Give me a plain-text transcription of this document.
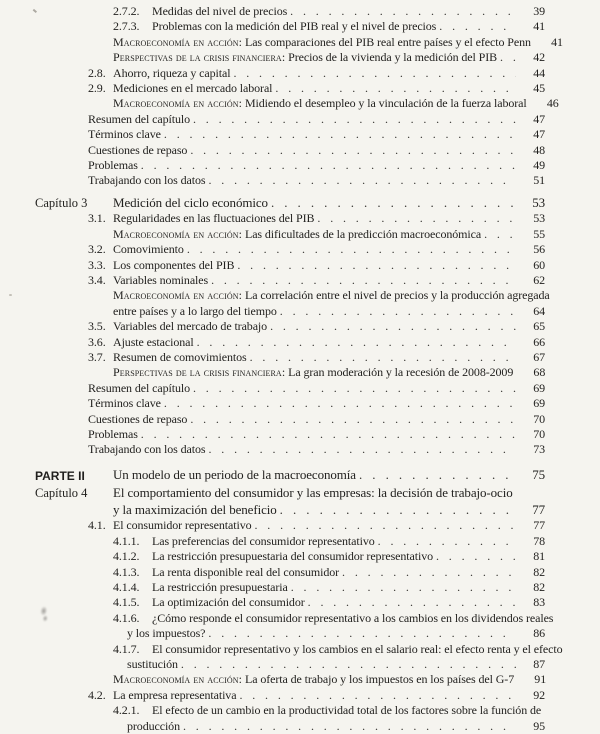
2.7.2.	Medidas del nivel de precios . . .	39
2.7.3.	Problemas con la medición del PIB real y el nivel de precios . . .	41
Macroeconomía en acción: Las comparaciones del PIB real entre países y el efecto Penn	41
Perspectivas de la crisis financiera: Precios de la vivienda y la medición del PIB . . .	42
2.8. Ahorro, riqueza y capital . . .	44
2.9. Mediciones en el mercado laboral . . .	45
Macroeconomía en acción: Midiendo el desempleo y la vinculación de la fuerza laboral	46
Resumen del capítulo . . .	47
Términos clave . . .	47
Cuestiones de repaso . . .	48
Problemas . . .	49
Trabajando con los datos . . .	51
Capítulo 3 Medición del ciclo económico . . .	53
3.1. Regularidades en las fluctuaciones del PIB . . .	53
Macroeconomía en acción: Las dificultades de la predicción macroeconómica . . .	55
3.2. Comovimiento . . .	56
3.3. Los componentes del PIB . . .	60
3.4. Variables nominales . . .	62
Macroeconomía en acción: La correlación entre el nivel de precios y la producción agregada
entre países y a lo largo del tiempo . . .	64
3.5. Variables del mercado de trabajo . . .	65
3.6. Ajuste estacional . . .	66
3.7. Resumen de comovimientos . . .	67
Perspectivas de la crisis financiera: La gran moderación y la recesión de 2008-2009	68
Resumen del capítulo . . .	69
Términos clave . . .	69
Cuestiones de repaso . . .	70
Problemas . . .	70
Trabajando con los datos . . .	73
PARTE II Un modelo de un periodo de la macroeconomía . . .	75
Capítulo 4 El comportamiento del consumidor y las empresas: la decisión de trabajo-ocio
y la maximización del beneficio . . .	77
4.1. El consumidor representativo . . .	77
4.1.1.	Las preferencias del consumidor representativo . . .	78
4.1.2.	La restricción presupuestaria del consumidor representativo . . .	81
4.1.3.	La renta disponible real del consumidor . . .	82
4.1.4.	La restricción presupuestaria . . .	82
4.1.5.	La optimización del consumidor . . .	83
4.1.6.	¿Cómo responde el consumidor representativo a los cambios en los dividendos reales
y los impuestos? . . .	86
4.1.7.	El consumidor representativo y los cambios en el salario real: el efecto renta y el efecto
sustitución . . .	87
Macroeconomía en acción: La oferta de trabajo y los impuestos en los países del G-7	91
4.2. La empresa representativa . . .	92
4.2.1.	El efecto de un cambio en la productividad total de los factores sobre la función de
producción . . .	95
